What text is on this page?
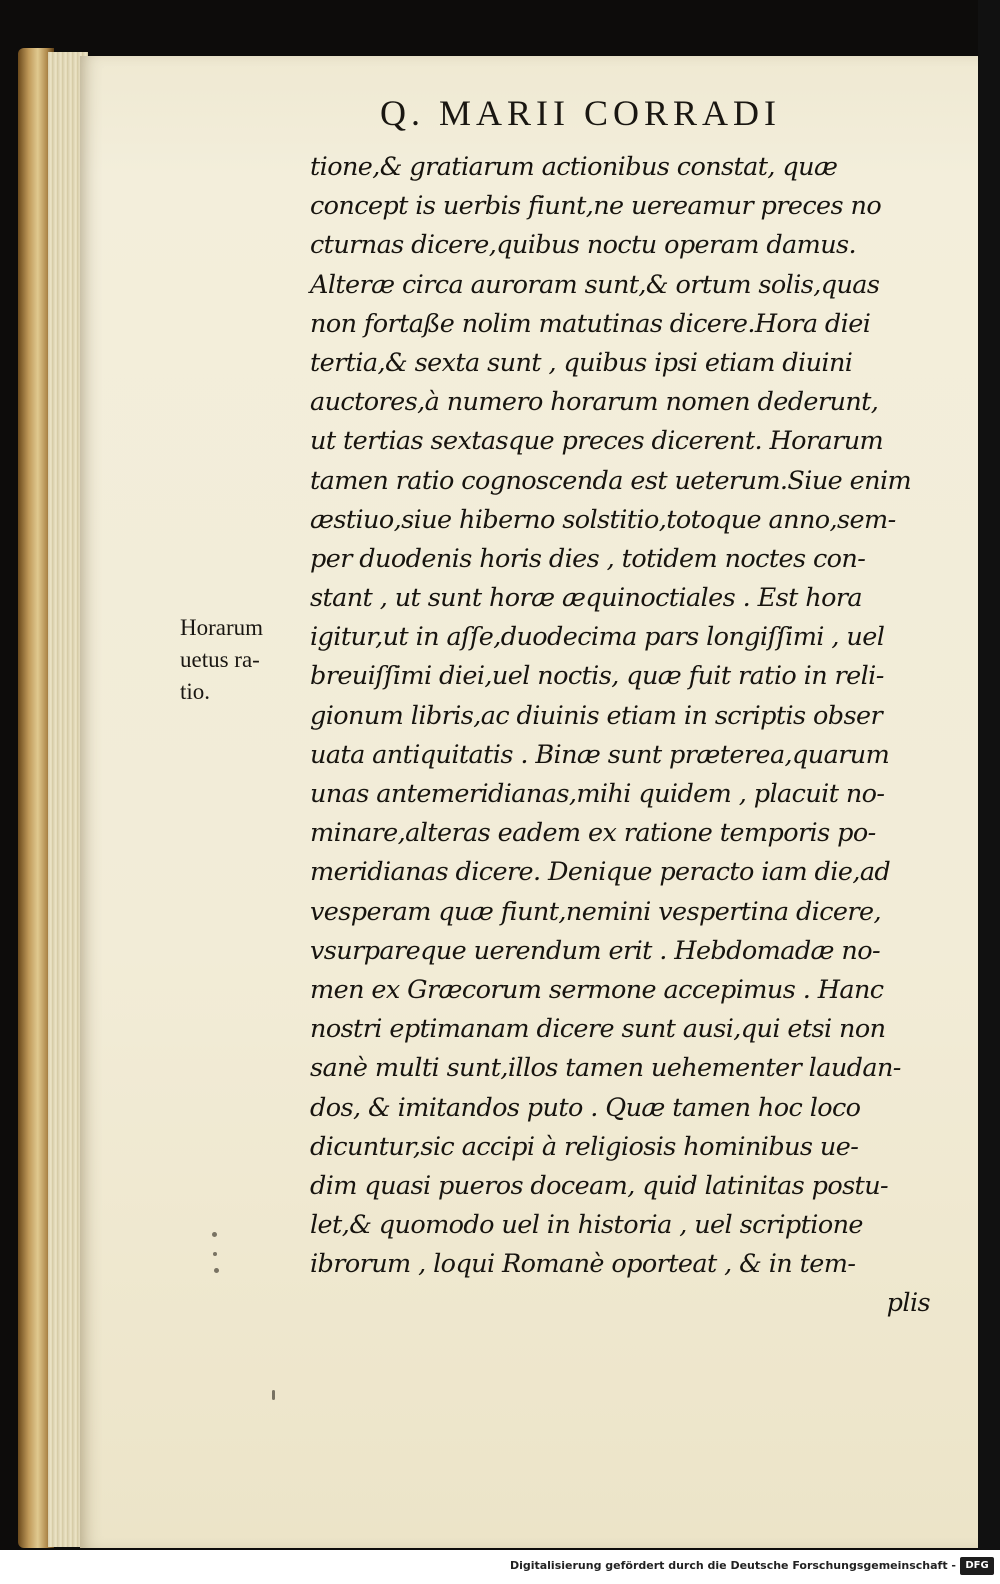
Q. MARII CORRADI
Horarum
uetus ra-
tio.
tione,& gratiarum actionibus constat, quæ
concept is uerbis fiunt,ne uereamur preces no
cturnas dicere,quibus noctu operam damus.
Alteræ circa auroram sunt,& ortum solis,quas
non fortaße nolim matutinas dicere.Hora diei
tertia,& sexta sunt , quibus ipsi etiam diuini
auctores,à numero horarum nomen dederunt,
ut tertias sextasque preces dicerent. Horarum
tamen ratio cognoscenda est ueterum.Siue enim
æstiuo,siue hiberno solstitio,totoque anno,sem-
per duodenis horis dies , totidem noctes con-
stant , ut sunt horæ æquinoctiales . Est hora
igitur,ut in aſſe,duodecima pars longiſſimi , uel
breuiſſimi diei,uel noctis, quæ fuit ratio in reli-
gionum libris,ac diuinis etiam in scriptis obser
uata antiquitatis . Binæ sunt præterea,quarum
unas antemeridianas,mihi quidem , placuit no-
minare,alteras eadem ex ratione temporis po-
meridianas dicere. Denique peracto iam die,ad
vesperam quæ fiunt,nemini vespertina dicere,
vsurpareque uerendum erit . Hebdomadæ no-
men ex Græcorum sermone accepimus . Hanc
nostri eptimanam dicere sunt ausi,qui etsi non
sanè multi sunt,illos tamen uehementer laudan-
dos, & imitandos puto . Quæ tamen hoc loco
dicuntur,sic accipi à religiosis hominibus ue-
dim quasi pueros doceam, quid latinitas postu-
let,& quomodo uel in historia , uel scriptione
ibrorum , loqui Romanè oporteat , & in tem-
plis
Digitalisierung gefördert durch die Deutsche Forschungsgemeinschaft - DFG
